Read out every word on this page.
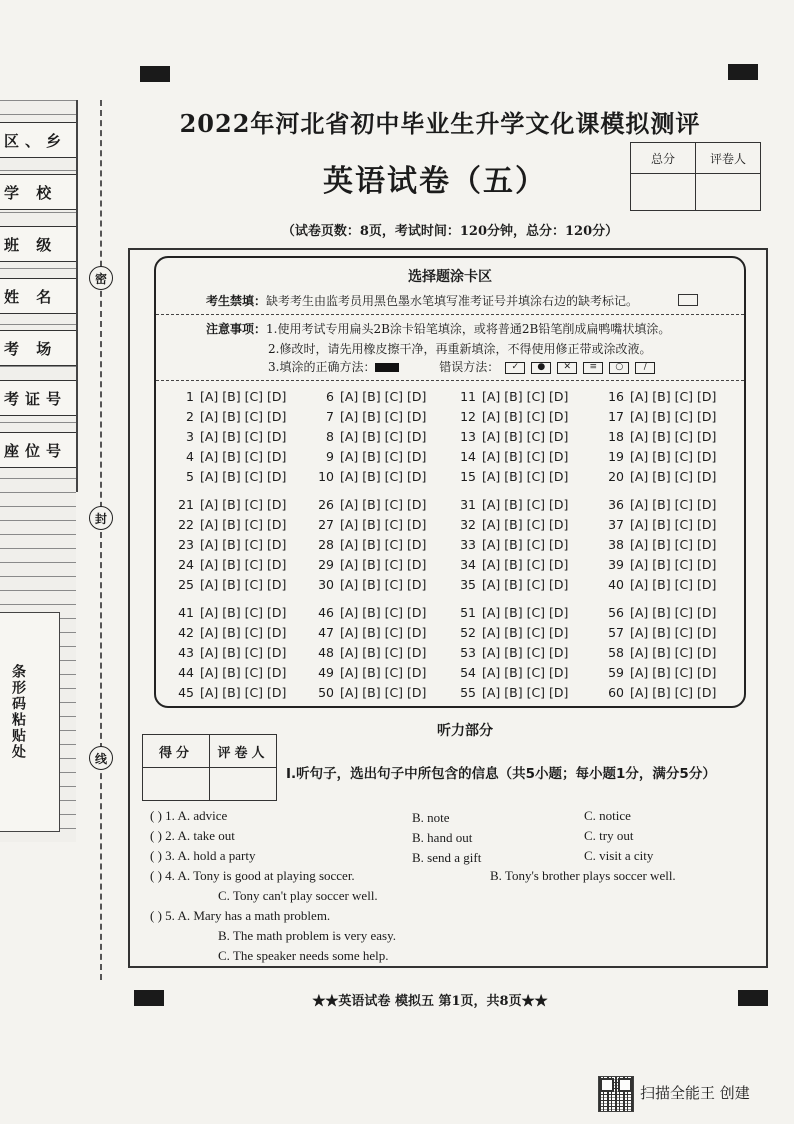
区、乡
学 校
班 级
姓 名
考 场
考证号
座位号
条形码粘贴处
密
封
线
2022年河北省初中毕业生升学文化课模拟测评
英语试卷（五）
总分	评卷人

（试卷页数：8页，考试时间：120分钟，总分：120分）
选择题涂卡区
考生禁填：缺考考生由监考员用黑色墨水笔填写准考证号并填涂右边的缺考标记。
注意事项：1.使用考试专用扁头2B涂卡铅笔填涂，或将普通2B铅笔削成扁鸭嘴状填涂。
2.修改时，请先用橡皮擦干净，再重新填涂，不得使用修正带或涂改液。
3.填涂的正确方法：	错误方法： ✓ ● ✕ ≡ ○ ∕
1 [A] [B] [C] [D]
2 [A] [B] [C] [D]
3 [A] [B] [C] [D]
4 [A] [B] [C] [D]
5 [A] [B] [C] [D]
6 [A] [B] [C] [D]
7 [A] [B] [C] [D]
8 [A] [B] [C] [D]
9 [A] [B] [C] [D]
10 [A] [B] [C] [D]
11 [A] [B] [C] [D]
12 [A] [B] [C] [D]
13 [A] [B] [C] [D]
14 [A] [B] [C] [D]
15 [A] [B] [C] [D]
16 [A] [B] [C] [D]
17 [A] [B] [C] [D]
18 [A] [B] [C] [D]
19 [A] [B] [C] [D]
20 [A] [B] [C] [D]
21 [A] [B] [C] [D]
22 [A] [B] [C] [D]
23 [A] [B] [C] [D]
24 [A] [B] [C] [D]
25 [A] [B] [C] [D]
26 [A] [B] [C] [D]
27 [A] [B] [C] [D]
28 [A] [B] [C] [D]
29 [A] [B] [C] [D]
30 [A] [B] [C] [D]
31 [A] [B] [C] [D]
32 [A] [B] [C] [D]
33 [A] [B] [C] [D]
34 [A] [B] [C] [D]
35 [A] [B] [C] [D]
36 [A] [B] [C] [D]
37 [A] [B] [C] [D]
38 [A] [B] [C] [D]
39 [A] [B] [C] [D]
40 [A] [B] [C] [D]
41 [A] [B] [C] [D]
42 [A] [B] [C] [D]
43 [A] [B] [C] [D]
44 [A] [B] [C] [D]
45 [A] [B] [C] [D]
46 [A] [B] [C] [D]
47 [A] [B] [C] [D]
48 [A] [B] [C] [D]
49 [A] [B] [C] [D]
50 [A] [B] [C] [D]
51 [A] [B] [C] [D]
52 [A] [B] [C] [D]
53 [A] [B] [C] [D]
54 [A] [B] [C] [D]
55 [A] [B] [C] [D]
56 [A] [B] [C] [D]
57 [A] [B] [C] [D]
58 [A] [B] [C] [D]
59 [A] [B] [C] [D]
60 [A] [B] [C] [D]
听力部分
得分	评卷人

Ⅰ.听句子，选出句子中所包含的信息（共5小题；每小题1分，满分5分）
( ) 1. A. advice	B. note	C. notice
( ) 2. A. take out	B. hand out	C. try out
( ) 3. A. hold a party	B. send a gift	C. visit a city
( ) 4. A. Tony is good at playing soccer.	B. Tony's brother plays soccer well.
C. Tony can't play soccer well.
( ) 5. A. Mary has a math problem.
B. The math problem is very easy.
C. The speaker needs some help.
★★英语试卷 模拟五 第1页，共8页★★
扫描全能王 创建
